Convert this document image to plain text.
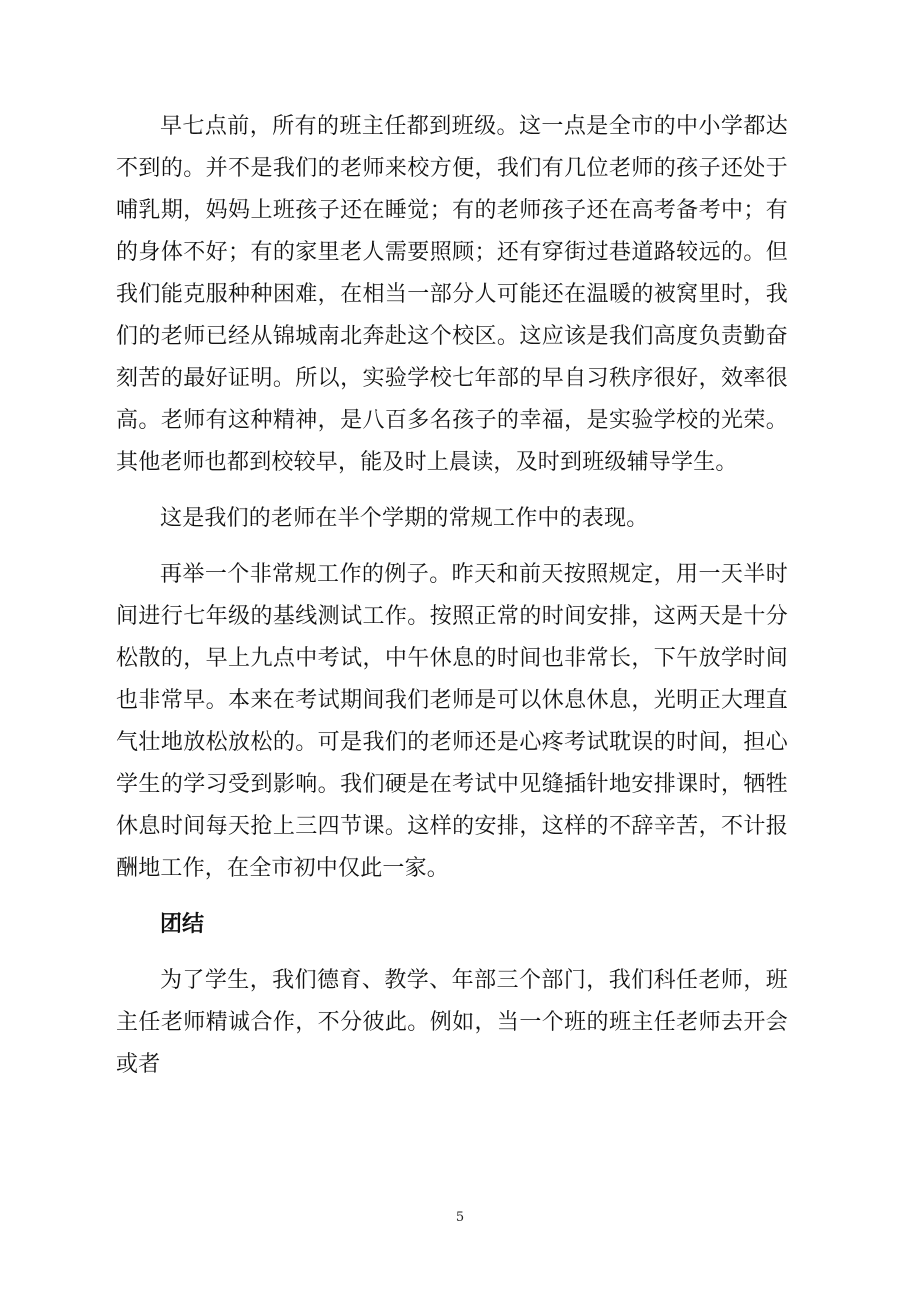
早七点前，所有的班主任都到班级。这一点是全市的中小学都达不到的。并不是我们的老师来校方便，我们有几位老师的孩子还处于哺乳期，妈妈上班孩子还在睡觉；有的老师孩子还在高考备考中；有的身体不好；有的家里老人需要照顾；还有穿街过巷道路较远的。但我们能克服种种困难，在相当一部分人可能还在温暖的被窝里时，我们的老师已经从锦城南北奔赴这个校区。这应该是我们高度负责勤奋刻苦的最好证明。所以，实验学校七年部的早自习秩序很好，效率很高。老师有这种精神，是八百多名孩子的幸福，是实验学校的光荣。其他老师也都到校较早，能及时上晨读，及时到班级辅导学生。

这是我们的老师在半个学期的常规工作中的表现。

再举一个非常规工作的例子。昨天和前天按照规定，用一天半时间进行七年级的基线测试工作。按照正常的时间安排，这两天是十分松散的，早上九点中考试，中午休息的时间也非常长，下午放学时间也非常早。本来在考试期间我们老师是可以休息休息，光明正大理直气壮地放松放松的。可是我们的老师还是心疼考试耽误的时间，担心学生的学习受到影响。我们硬是在考试中见缝插针地安排课时，牺牲休息时间每天抢上三四节课。这样的安排，这样的不辞辛苦，不计报酬地工作，在全市初中仅此一家。

团结

为了学生，我们德育、教学、年部三个部门，我们科任老师，班主任老师精诚合作，不分彼此。例如，当一个班的班主任老师去开会或者

5
